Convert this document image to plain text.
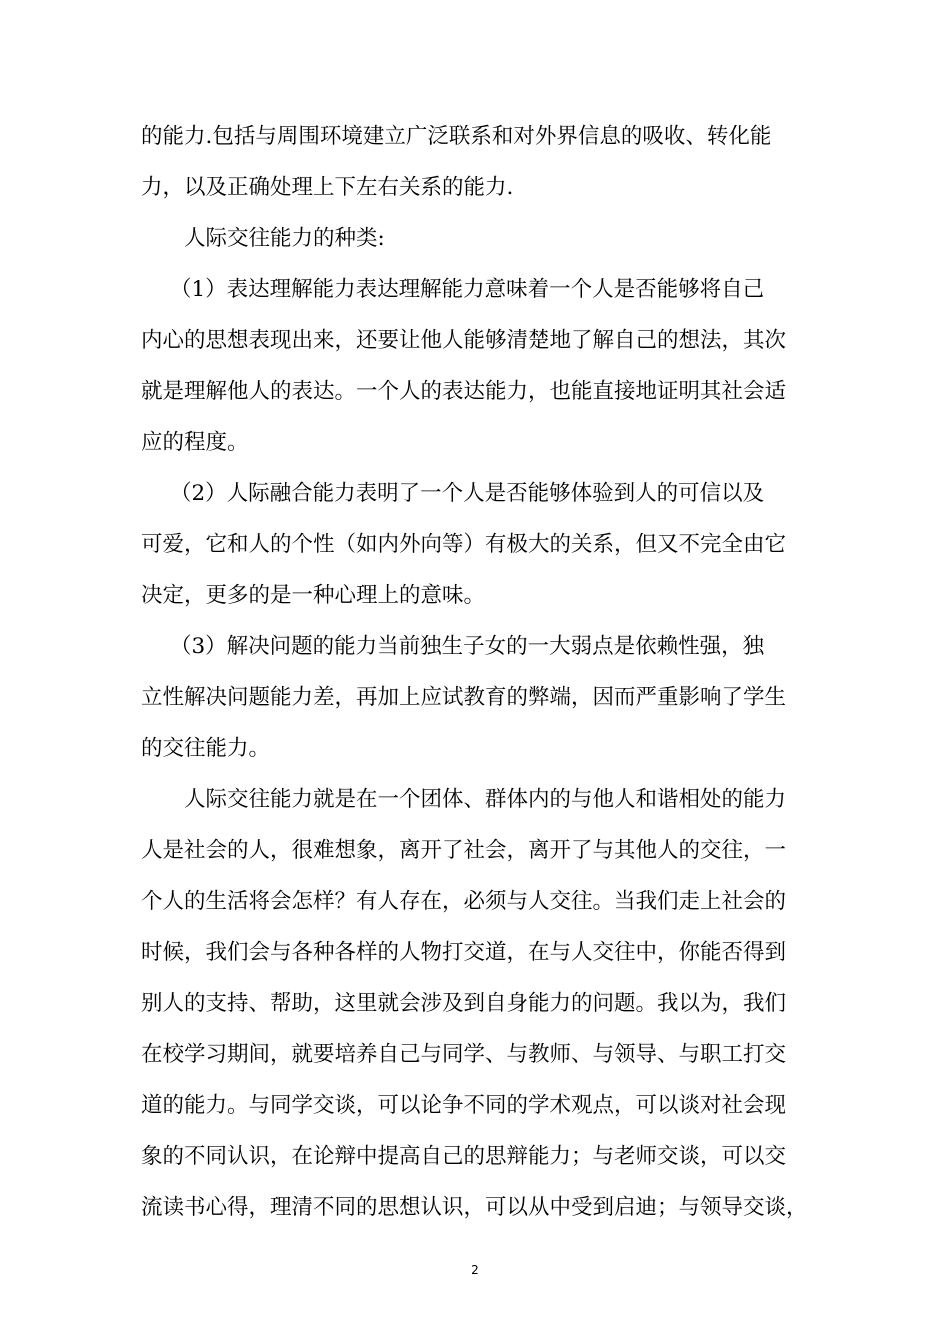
的能力.包括与周围环境建立广泛联系和对外界信息的吸收、转化能
力，以及正确处理上下左右关系的能力.
人际交往能力的种类:
（1）表达理解能力表达理解能力意味着一个人是否能够将自己
内心的思想表现出来，还要让他人能够清楚地了解自己的想法，其次
就是理解他人的表达。一个人的表达能力，也能直接地证明其社会适
应的程度。
（2）人际融合能力表明了一个人是否能够体验到人的可信以及
可爱，它和人的个性（如内外向等）有极大的关系，但又不完全由它
决定，更多的是一种心理上的意味。
（3）解决问题的能力当前独生子女的一大弱点是依赖性强，独
立性解决问题能力差，再加上应试教育的弊端，因而严重影响了学生
的交往能力。
人际交往能力就是在一个团体、群体内的与他人和谐相处的能力
人是社会的人，很难想象，离开了社会，离开了与其他人的交往，一
个人的生活将会怎样？有人存在，必须与人交往。当我们走上社会的
时候，我们会与各种各样的人物打交道，在与人交往中，你能否得到
别人的支持、帮助，这里就会涉及到自身能力的问题。我以为，我们
在校学习期间，就要培养自己与同学、与教师、与领导、与职工打交
道的能力。与同学交谈，可以论争不同的学术观点，可以谈对社会现
象的不同认识，在论辩中提高自己的思辩能力；与老师交谈，可以交
流读书心得，理清不同的思想认识，可以从中受到启迪；与领导交谈，
2
